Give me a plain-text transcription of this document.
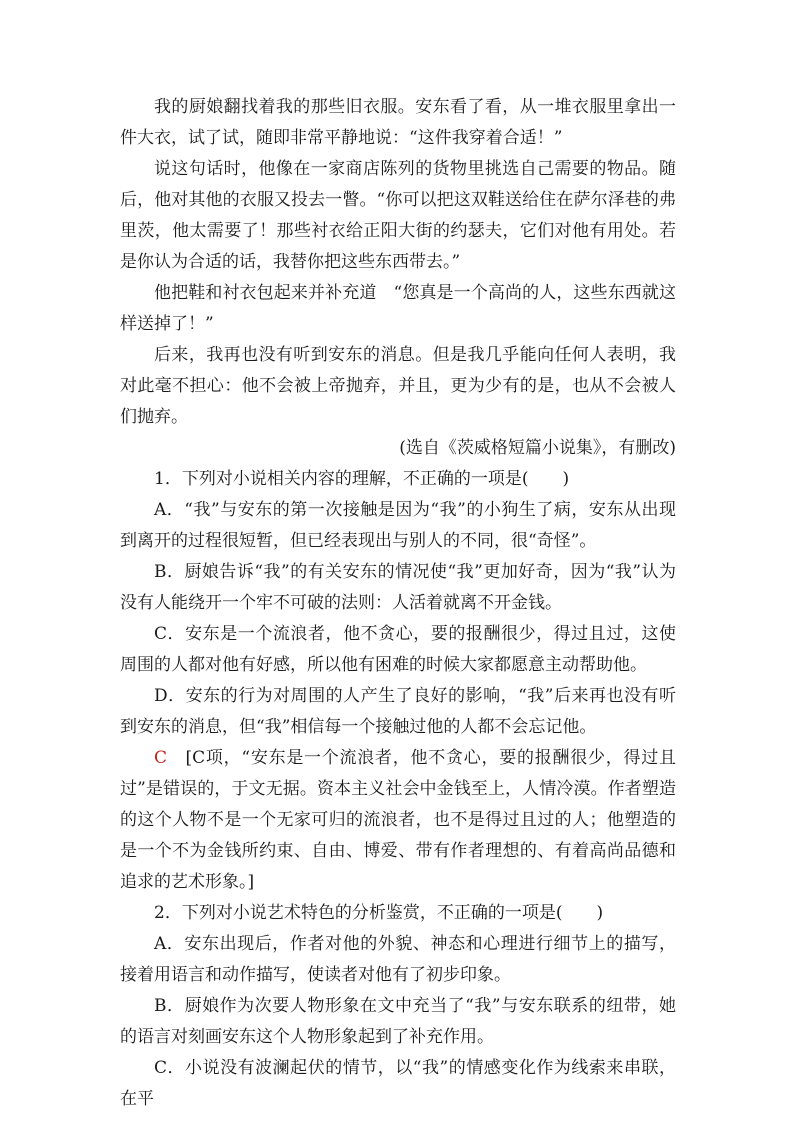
我的厨娘翻找着我的那些旧衣服。安东看了看，从一堆衣服里拿出一件大衣，试了试，随即非常平静地说：“这件我穿着合适！”

说这句话时，他像在一家商店陈列的货物里挑选自己需要的物品。随后，他对其他的衣服又投去一瞥。“你可以把这双鞋送给住在萨尔泽巷的弗里茨，他太需要了！那些衬衣给正阳大街的约瑟夫，它们对他有用处。若是你认为合适的话，我替你把这些东西带去。”

他把鞋和衬衣包起来并补充道　“您真是一个高尚的人，这些东西就这样送掉了！”

后来，我再也没有听到安东的消息。但是我几乎能向任何人表明，我对此毫不担心：他不会被上帝抛弃，并且，更为少有的是，也从不会被人们抛弃。

(选自《茨威格短篇小说集》，有删改)

1．下列对小说相关内容的理解，不正确的一项是(　　)

A．“我”与安东的第一次接触是因为“我”的小狗生了病，安东从出现到离开的过程很短暂，但已经表现出与别人的不同，很“奇怪”。

B．厨娘告诉“我”的有关安东的情况使“我”更加好奇，因为“我”认为没有人能绕开一个牢不可破的法则：人活着就离不开金钱。

C．安东是一个流浪者，他不贪心，要的报酬很少，得过且过，这使周围的人都对他有好感，所以他有困难的时候大家都愿意主动帮助他。

D．安东的行为对周围的人产生了良好的影响，“我”后来再也没有听到安东的消息，但“我”相信每一个接触过他的人都不会忘记他。

C　[C项，“安东是一个流浪者，他不贪心，要的报酬很少，得过且过”是错误的，于文无据。资本主义社会中金钱至上，人情冷漠。作者塑造的这个人物不是一个无家可归的流浪者，也不是得过且过的人；他塑造的是一个不为金钱所约束、自由、博爱、带有作者理想的、有着高尚品德和追求的艺术形象。]

2．下列对小说艺术特色的分析鉴赏，不正确的一项是(　　)

A．安东出现后，作者对他的外貌、神态和心理进行细节上的描写，接着用语言和动作描写，使读者对他有了初步印象。

B．厨娘作为次要人物形象在文中充当了“我”与安东联系的纽带，她的语言对刻画安东这个人物形象起到了补充作用。

C．小说没有波澜起伏的情节，以“我”的情感变化作为线索来串联，在平
